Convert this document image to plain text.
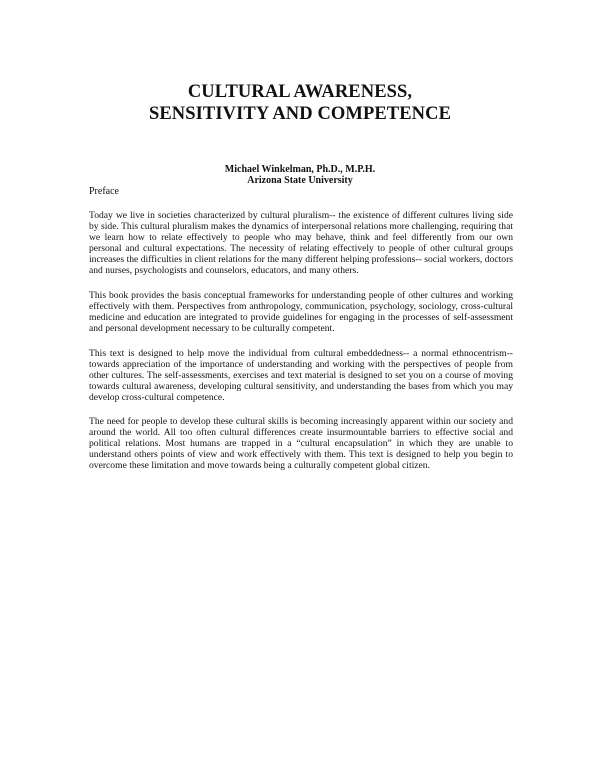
CULTURAL AWARENESS,
SENSITIVITY AND COMPETENCE
Michael Winkelman, Ph.D., M.P.H.
Arizona State University
Preface

Today we live in societies characterized by cultural pluralism-- the existence of different cultures living side by side. This cultural pluralism makes the dynamics of interpersonal relations more challenging, requiring that we learn how to relate effectively to people who may behave, think and feel differently from our own personal and cultural expectations. The necessity of relating effectively to people of other cultural groups increases the difficulties in client relations for the many different helping professions-- social workers, doctors and nurses, psychologists and counselors, educators, and many others.

This book provides the basis conceptual frameworks for understanding people of other cultures and working effectively with them. Perspectives from anthropology, communication, psychology, sociology, cross-cultural medicine and education are integrated to provide guidelines for engaging in the processes of self-assessment and personal development necessary to be culturally competent.

This text is designed to help move the individual from cultural embeddedness-- a normal ethnocentrism-- towards appreciation of the importance of understanding and working with the perspectives of people from other cultures. The self-assessments, exercises and text material is designed to set you on a course of moving towards cultural awareness, developing cultural sensitivity, and understanding the bases from which you may develop cross-cultural competence.

The need for people to develop these cultural skills is becoming increasingly apparent within our society and around the world. All too often cultural differences create insurmountable barriers to effective social and political relations. Most humans are trapped in a “cultural encapsulation” in which they are unable to understand others points of view and work effectively with them. This text is designed to help you begin to overcome these limitation and move towards being a culturally competent global citizen.
